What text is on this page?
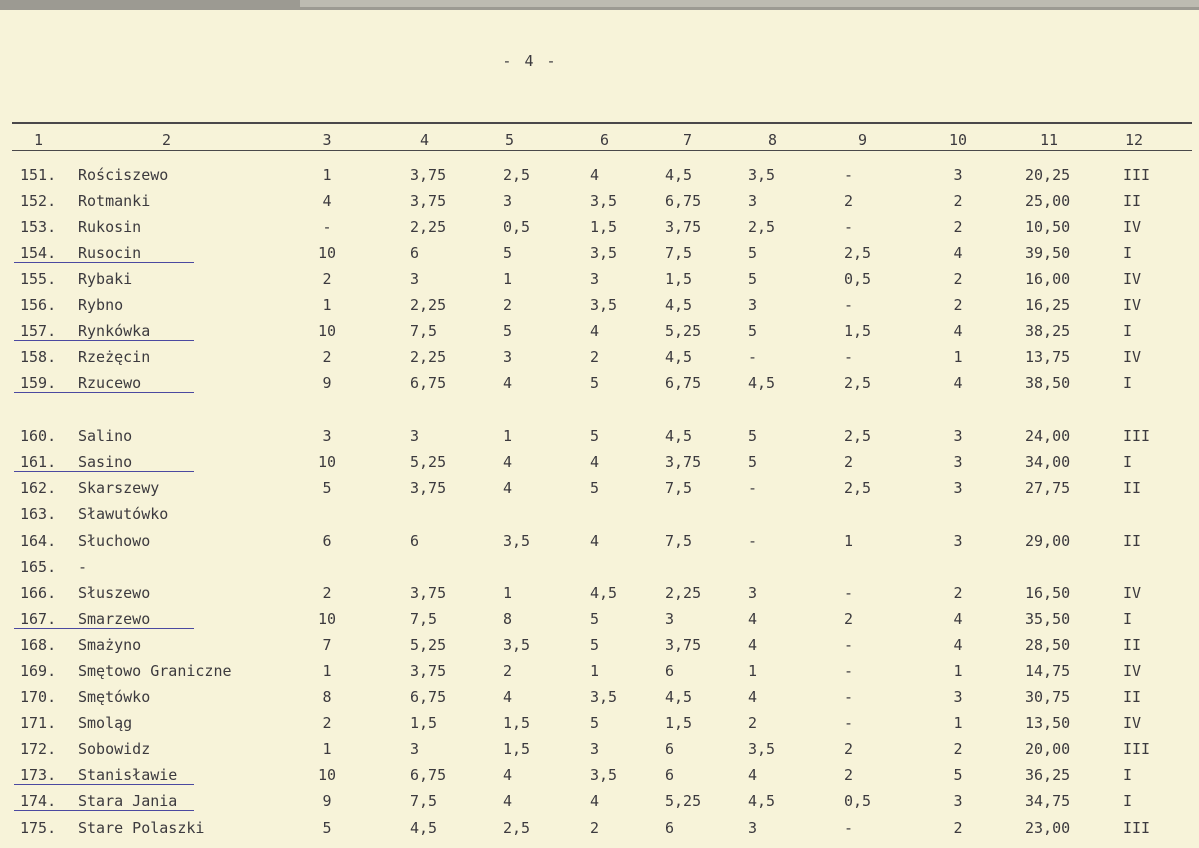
- 4 -
1	2	3	4	5	6	7	8	9	10	11	12
151.	Rościszewo	1	3,75	2,5	4	4,5	3,5	-	3	20,25	III
152.	Rotmanki	4	3,75	3	3,5	6,75	3	2	2	25,00	II
153.	Rukosin	-	2,25	0,5	1,5	3,75	2,5	-	2	10,50	IV
154.	Rusocin	10	6	5	3,5	7,5	5	2,5	4	39,50	I
155.	Rybaki	2	3	1	3	1,5	5	0,5	2	16,00	IV
156.	Rybno	1	2,25	2	3,5	4,5	3	-	2	16,25	IV
157.	Rynkówka	10	7,5	5	4	5,25	5	1,5	4	38,25	I
158.	Rzeżęcin	2	2,25	3	2	4,5	-	-	1	13,75	IV
159.	Rzucewo	9	6,75	4	5	6,75	4,5	2,5	4	38,50	I
160.	Salino	3	3	1	5	4,5	5	2,5	3	24,00	III
161.	Sasino	10	5,25	4	4	3,75	5	2	3	34,00	I
162.	Skarszewy	5	3,75	4	5	7,5	-	2,5	3	27,75	II
163.	Sławutówko
164.	Słuchowo	6	6	3,5	4	7,5	-	1	3	29,00	II
165.	-
166.	Słuszewo	2	3,75	1	4,5	2,25	3	-	2	16,50	IV
167.	Smarzewo	10	7,5	8	5	3	4	2	4	35,50	I
168.	Smażyno	7	5,25	3,5	5	3,75	4	-	4	28,50	II
169.	Smętowo Graniczne	1	3,75	2	1	6	1	-	1	14,75	IV
170.	Smętówko	8	6,75	4	3,5	4,5	4	-	3	30,75	II
171.	Smoląg	2	1,5	1,5	5	1,5	2	-	1	13,50	IV
172.	Sobowidz	1	3	1,5	3	6	3,5	2	2	20,00	III
173.	Stanisławie	10	6,75	4	3,5	6	4	2	5	36,25	I
174.	Stara Jania	9	7,5	4	4	5,25	4,5	0,5	3	34,75	I
175.	Stare Polaszki	5	4,5	2,5	2	6	3	-	2	23,00	III
